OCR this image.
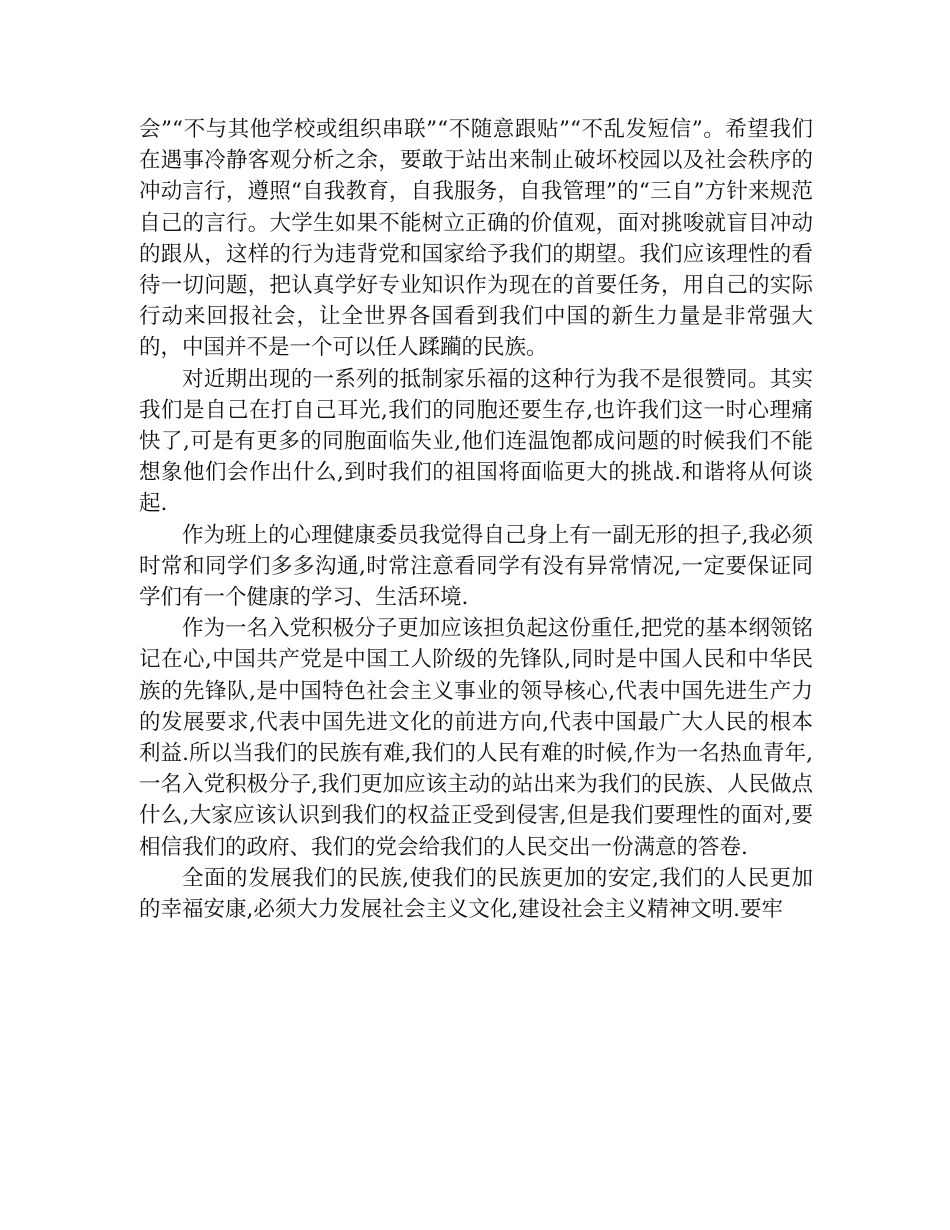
会”“不与其他学校或组织串联”“不随意跟贴”“不乱发短信”。希望我们在遇事冷静客观分析之余，要敢于站出来制止破坏校园以及社会秩序的冲动言行，遵照“自我教育，自我服务，自我管理”的“三自”方针来规范自己的言行。大学生如果不能树立正确的价值观，面对挑唆就盲目冲动的跟从，这样的行为违背党和国家给予我们的期望。我们应该理性的看待一切问题，把认真学好专业知识作为现在的首要任务，用自己的实际行动来回报社会，让全世界各国看到我们中国的新生力量是非常强大的，中国并不是一个可以任人蹂躏的民族。

对近期出现的一系列的抵制家乐福的这种行为我不是很赞同。其实我们是自己在打自己耳光,我们的同胞还要生存,也许我们这一时心理痛快了,可是有更多的同胞面临失业,他们连温饱都成问题的时候我们不能想象他们会作出什么,到时我们的祖国将面临更大的挑战.和谐将从何谈起.

作为班上的心理健康委员我觉得自己身上有一副无形的担子,我必须时常和同学们多多沟通,时常注意看同学有没有异常情况,一定要保证同学们有一个健康的学习、生活环境.

作为一名入党积极分子更加应该担负起这份重任,把党的基本纲领铭记在心,中国共产党是中国工人阶级的先锋队,同时是中国人民和中华民族的先锋队,是中国特色社会主义事业的领导核心,代表中国先进生产力的发展要求,代表中国先进文化的前进方向,代表中国最广大人民的根本利益.所以当我们的民族有难,我们的人民有难的时候,作为一名热血青年,一名入党积极分子,我们更加应该主动的站出来为我们的民族、人民做点什么,大家应该认识到我们的权益正受到侵害,但是我们要理性的面对,要相信我们的政府、我们的党会给我们的人民交出一份满意的答卷.

全面的发展我们的民族,使我们的民族更加的安定,我们的人民更加的幸福安康,必须大力发展社会主义文化,建设社会主义精神文明.要牢
